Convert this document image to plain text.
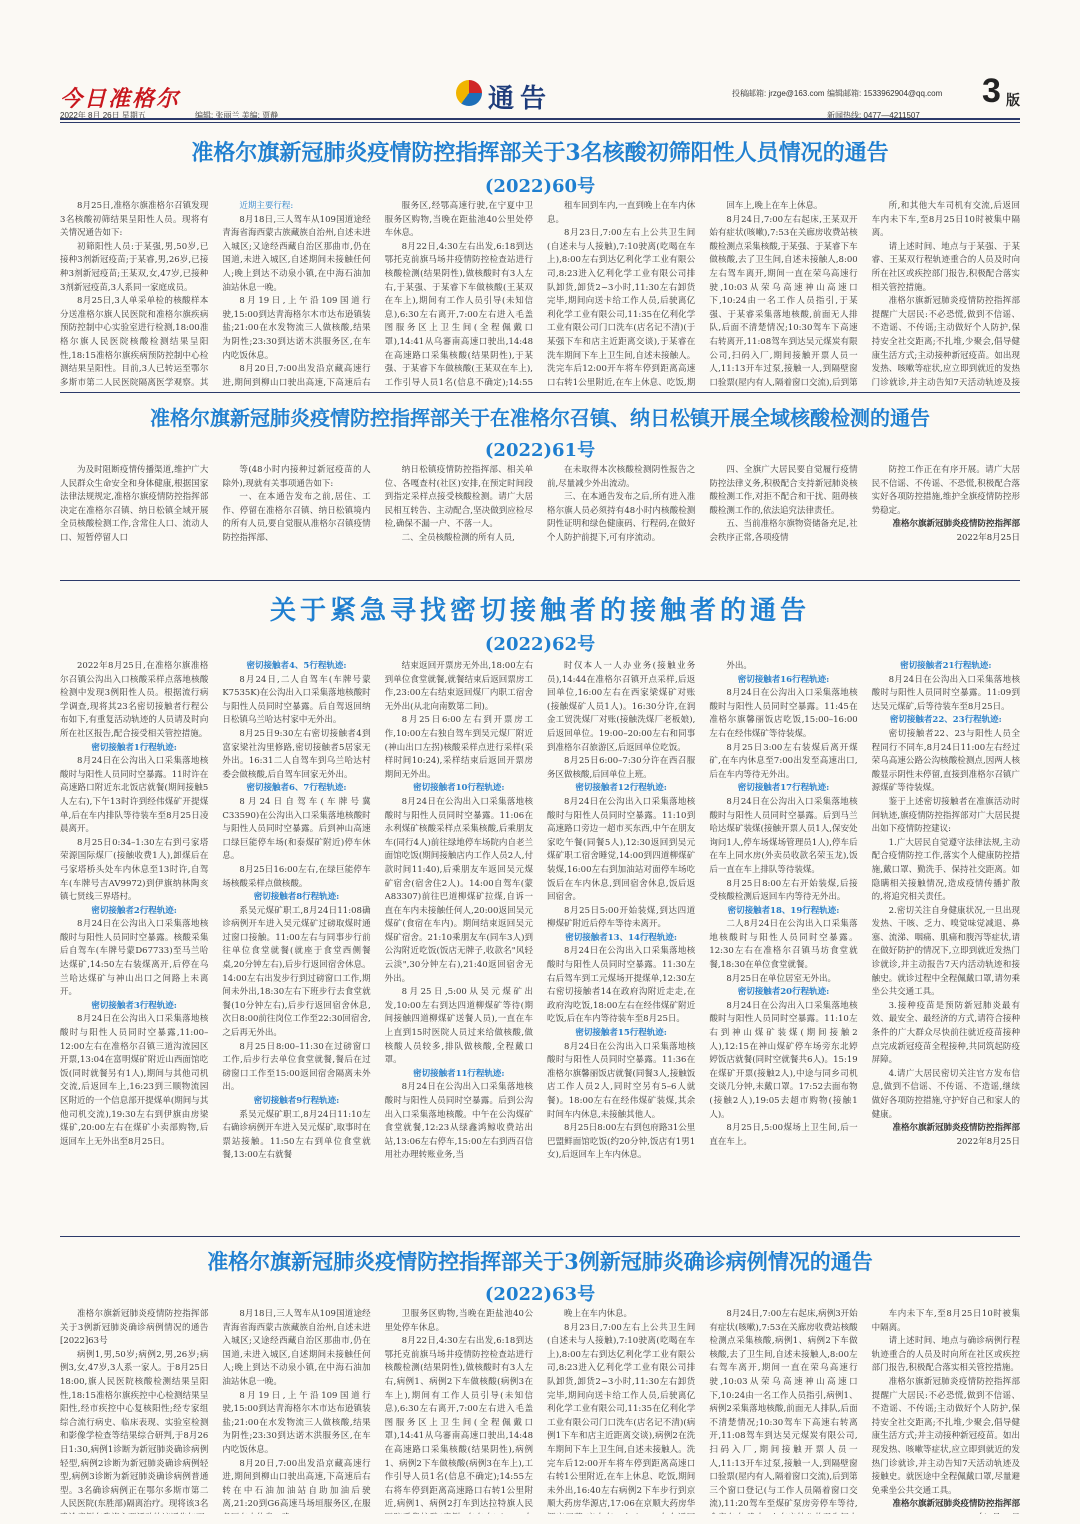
今日准格尔
2022年 8月 26日 星期五	编辑: 张丽兰 美编: 贾静
通告	投稿邮箱: jrzge@163.com 编辑邮箱: 1533962904@qq.com
新闻热线: 0477—4211507
3 版
准格尔旗新冠肺炎疫情防控指挥部关于3名核酸初筛阳性人员情况的通告
(2022)60号

8月25日,准格尔旗准格尔召镇发现3名核酸初筛结果呈阳性人员。现将有关情况通告如下:

初筛阳性人员:于某强,男,50岁,已接种3剂新冠疫苗;于某睿,男,26岁,已接种3剂新冠疫苗;王某双,女,47岁,已接种3剂新冠疫苗,3人系同一家庭成员。

8月25日,3人单采单检的核酸样本分送准格尔旗人民医院和准格尔旗疾病预防控制中心实验室进行检测,18:00准格尔旗人民医院核酸检测结果呈阳性,18:15准格尔旗疾病预防控制中心检测结果呈阳性。目前,3人已转运至鄂尔多斯市第二人民医院隔离医学观察。其

近期主要行程:

8月18日,三人驾车从109国道途经青海省海西蒙古族藏族自治州,自述未进入城区;又途经西藏自治区那曲市,仍在国道,未进入城区,自述期间未接触任何人;晚上到达不动泉小镇,在中海石油加油站休息一晚。

8月19日,上午沿109国道行驶,15:00到达青海格尔木市达布逊镇装盐;21:00在水发物流三人做核酸,结果为阴性;23:30到达诺木洪服务区,在车内吃饭休息。

8月20日,7:00出发沿京藏高速行进,期间到柳山口驶出高速,下高速后右

服务区,经鄂高速行驶,在宁夏中卫服务区购物,当晚在距盐池40公里处停车休息。

8月22日,4:30左右出发,6:18到达鄂托克前旗马场井疫情防控检查站进行核酸检测(结果阴性),做核酸时有3人左右,于某强、于某睿下车做核酸(王某双在车上),期间有工作人员引导(未知信息),6:30左右离开,7:00左右进入毛盖图服务区上卫生间(全程佩戴口罩),14:41从乌審南高速口驶出,14:48在高速路口采集核酸(结果阴性),于某强、于某睿下车做核酸(王某双在车上),工作引导人员1名(信息不确定);14:55

租车回到车内,一直到晚上在车内休息。

8月23日,7:00左右上公共卫生间(自述未与人接触),7:10驶离(吃喝在车上),8:00左右到达亿利化学工业有限公司,8:23进入亿利化学工业有限公司排队卸货,卸货2~3小时,11:30左右卸货完毕,期间向送卡给工作人员,后驶离亿利化学工业有限公司,11:35在亿利化学工业有限公司门口洗车(店名记不清)(于某强下车和店主近距离交谈),于某睿在洗车期间下车上卫生间,自述未接触人。洗完车后12:00开车将车停到距离高速口右转1公里附近,在车上休息、吃饭,期

回车上,晚上在车上休息。

8月24日,7:00左右起床,王某双开始有症状(咳嗽),7:53在关廊房收费站核酸检测点采集核酸,于某强、于某睿下车做核酸,去了卫生间,自述未接触人,8:00左右驾车离开,期间一直在荣乌高速行驶,10:03从荣乌高速神山高速口下,10:24由一名工作人员指引,于某强、于某睿采集落地核酸,前面无人排队,后面不清楚情况;10:30驾车下高速右转离开,11:08驾车到达吴元煤炭有限公司,扫码入厂,期间接触开票人员一人,11:13开车过泵,接触一人,到隔壁窗口验票(屋内有人,隔着窗口交流),后到第

所,和其他大车司机有交流,后返回车内未下车,至8月25日10时被集中隔离。

请上述时间、地点与于某强、于某睿、王某双行程轨迹重合的人员及时向所在社区或疾控部门报告,积极配合落实相关管控措施。

准格尔旗新冠肺炎疫情防控指挥部提醒广大居民:不必恐慌,做到不信谣、不造谣、不传谣;主动做好个人防护,保持安全社交距离;不扎堆,少聚会,倡导健康生活方式;主动接种新冠疫苗。如出现发热、咳嗽等症状,应立即到就近的发热门诊就诊,并主动告知7天活动轨迹及接

准格尔旗新冠肺炎疫情防控指挥部关于在准格尔召镇、纳日松镇开展全域核酸检测的通告
(2022)61号

为及时阻断疫情传播渠道,维护广大人民群众生命安全和身体健康,根据国家法律法规规定,准格尔旗疫情防控指挥部决定在准格尔召镇、纳日松镇全域开展全员核酸检测工作,含常住人口、流动人口、短暂停留人口

等(48小时内接种过新冠疫苗的人除外),现就有关事项通告如下:

一、在本通告发布之前,居住、工作、停留在准格尔召镇、纳日松镇境内的所有人员,要自觉服从准格尔召镇疫情防控指挥部、

纳日松镇疫情防控指挥部、相关单位、各嘎查村(社区)安排,在预定时间段到指定采样点接受核酸检测。请广大居民相互转告、主动配合,坚决做到应检尽检,确保不漏一户、不落一人。

二、全员核酸检测的所有人员,

在未取得本次核酸检测阴性报告之前,尽量减少外出流动。

三、在本通告发布之后,所有进入准格尔旗人员必须持有48小时内核酸检测阴性证明和绿色健康码、行程码,在做好个人防护前提下,可有序流动。

四、全旗广大居民要自觉履行疫情防控法律义务,积极配合支持新冠肺炎核酸检测工作,对拒不配合和干扰、阻碍核酸检测工作的,依法追究法律责任。

五、当前准格尔旗物资储备充足,社会秩序正常,各项疫情

防控工作正在有序开展。请广大居民不信谣、不传谣、不恐慌,积极配合落实好各项防控措施,维护全旗疫情防控形势稳定。

准格尔旗新冠肺炎疫情防控指挥部

2022年8月25日

关于紧急寻找密切接触者的接触者的通告
(2022)62号

2022年8月25日,在准格尔旗准格尔召镇公沟出入口核酸采样点落地核酸检测中发现3例阳性人员。根据流行病学调查,现将其23名密切接触者行程公布如下,有重复活动轨迹的人员请及时向所在社区报告,配合接受相关管控措施。

密切接触者1行程轨迹:

8月24日在公沟出入口采集落地核酸时与阳性人员同时空暴露。11时许在高速路口附近东北饭店就餐(期间接触5人左右),下午13时许到经伟煤矿开提煤单,后在车内排队等待装车至8月25日凌晨离开。

8月25日0:34–1:30左右到弓家塔荣源国际煤厂(接触收费1人),卸煤后在弓家塔桥头处车内休息至13时许,自驾车(车牌号吉AV9972)到伊旗纳林陶亥镇七贤线三界塔村。

密切接触者2行程轨迹:

8月24日在公沟出入口采集落地核酸时与阳性人员同时空暴露。核酸采集后自驾车(车牌号蒙D67733)至马兰哈达煤矿,14:50左右装煤离开,后停在乌兰哈达煤矿与神山出口之间路上未离开。

密切接触者3行程轨迹:

8月24日在公沟出入口采集落地核酸时与阳性人员同时空暴露,11:00–12:00左右在准格尔召镇三道沟流园区开票,13:04在富明煤矿附近山西面馆吃饭(同时就餐另有1人),期间与其他司机交流,后返回车上,16:23到三顺物流园区附近的一个信息部开提煤单(期间与其他司机交流),19:30左右到伊旗由房梁煤矿,20:00左右在煤矿小卖部购物,后返回车上无外出至8月25日。

密切接触者4、5行程轨迹:

8月24日,二人自驾车(车牌号蒙K7535K)在公沟出入口采集落地核酸时与阳性人员同时空暴露。后自驾返回纳日松镇乌兰哈达村家中无外出。

8月25日9:30左右密切接触者4到富家梁社沟里修路,密切接触者5居家无外出。16:31二人自驾车到乌兰哈达村委会做核酸,后自驾车回家无外出。

密切接触者6、7行程轨迹:

8月24日自驾车(车牌号冀C33590)在公沟出入口采集落地核酸时与阳性人员同时空暴露。后到神山高速口绿巨能停车场(和泰煤矿附近)停车休息。

8月25日16:00左右,在绿巨能停车场核酸采样点做核酸。

密切接触者8行程轨迹:

系吴元煤矿职工,8月24日11:08确诊病例开车进入吴元煤矿过磅取煤时通过窗口接触。11:00左右与同事步行前往单位食堂就餐(就座于食堂西侧餐桌,20分钟左右),后步行返回宿舍休息。14:00左右出发步行到过磅窗口工作,期间未外出,18:30左右下班步行去食堂就餐(10分钟左右),后步行返回宿舍休息,次日8:00前往岗位工作至22:30回宿舍,之后再无外出。

8月25日8:00–11:30在过磅窗口工作,后步行去单位食堂就餐,餐后在过磅窗口工作至15:00返回宿舍隔离未外出。

密切接触者9行程轨迹:

系吴元煤矿职工,8月24日11:10左右确诊病例开车进入吴元煤矿,取事时在票站接触。11:50左右到单位食堂就餐,13:00左右就餐

结束返回开票房无外出,18:00左右到单位食堂就餐,就餐结束后返回票房工作,23:00左右结束返回煤厂内职工宿舍无外出(从北向南数第二间)。

8月25日6:00左右到开票房工作,10:00左右独自驾车到吴元煤厂附近(神山出口左拐)核酸采样点进行采样(采样时间10:24),采样结束后返回开票房期间无外出。

密切接触者10行程轨迹:

8月24日在公沟出入口采集落地核酸时与阳性人员同时空暴露。11:06在永利煤矿核酸采样点采集核酸,后乘朋友车(同行4人)前往绿地停车场院内自老兰面馆吃饭(期间接触店内工作人员2人,付款时间11:40),后乘朋友车返回吴元煤矿宿舍(宿舍住2人)。14:00自驾车(蒙A83307)前往巴道柳煤矿拉煤,自诉一直在车内未接触任何人,20:00返回吴元煤矿(食宿在车内)。期间结束返回吴元煤矿宿舍。21:10乘朋友车(同车3人)到公沟附近吃饭(饭店无牌子,收款名"风轻云淡",30分钟左右),21:40返回宿舍无外出。

8月25日,5:00从吴元煤矿出发,10:00左右到达四道柳煤矿等待(期间接触四道柳煤矿送餐人员),一直在车上直到15时医院人员过来给做核酸,做核酸人员较多,排队做核酸,全程戴口罩。

密切接触者11行程轨迹:

8月24日在公沟出入口采集落地核酸时与阳性人员同时空暴露。后到公沟出入口采集落地核酸。中午在公沟煤矿食堂就餐,12:23从绿鑫鸿鲸收费站出站,13:06左右停车,15:00左右到西召信用社办理转账业务,当

时仅本人一人办业务(接触业务员),14:44在准格尔召镇开点采样,后返回单位,16:00左右在西家梁煤矿对账(接触煤矿人员1人)。16:30分许,在润金工贸洗煤厂对账(接触洗煤厂老板娘),后返回单位。19:00–20:00左右和同事到准格尔召旅游区,后返回单位吃饭。

8月25日6:00–7:30分许在西召服务区做核酸,后回单位上班。

密切接触者12行程轨迹:

8月24日在公沟出入口采集落地核酸时与阳性人员同时空暴露。11:10到高速路口旁边一超市买东西,中午在朋友家吃午餐(同餐5人),12:30返回到吴元煤矿职工宿舍睡觉,14:00到四道柳煤矿装煤,16:00左右到加油站对面停车场吃饭后在车内休息,到回宿舍休息,饭后返回宿舍。

8月25日5:00开始装煤,到达四道柳煤矿附近后停车等待未离开。

密切接触者13、14行程轨迹:

8月24日在公沟出入口采集落地核酸时与阳性人员同时空暴露。11:30左右后驾车到工元煤场开提煤单,12:30左右密切接触者14在政府沟附近走走,在政府沟吃饭,18:00左右在经伟煤矿附近吃饭,后在车内等待装车至8月25日。

密切接触者15行程轨迹:

8月24日在公沟出入口采集落地核酸时与阳性人员同时空暴露。11:36在准格尔旗馨丽饭店就餐(同餐3人,接触饭店工作人员2人,同时空另有5–6人就餐)。18:00左右在经伟煤矿装煤,其余时间车内休息,未接触其他人。

8月25日8:00左右到包府路31公里巴盟鲜面馆吃饭(约20分钟,饭店有1男1女),后返回车上车内休息。

外出。

密切接触者16行程轨迹:

8月24日在公沟出入口采集落地核酸时与阳性人员同时空暴露。11:45在准格尔旗馨丽饭店吃饭,15:00–16:00左右在经伟煤矿等待装煤。

8月25日3:00左右装煤后离开煤矿,在车内休息至7:00出发至高速出口,后在车内等待无外出。

密切接触者17行程轨迹:

8月24日在公沟出入口采集落地核酸时与阳性人员同时空暴露。后到马兰哈达煤矿装煤(接触开票人员1人,保安处询问1人,停车场煤场管理员1人),停车后在车上同水房(外卖员收款名荣玉龙),饭后一直在车上排队等待装煤。

8月25日8:00左右开始装煤,后接受核酸检测后返回车内等待无外出。

密切接触者18、19行程轨迹:

二人8月24日在公沟出入口采集落地核酸时与阳性人员同时空暴露。12:30左右在准格尔召镇马坊食堂就餐,18:30在单位食堂就餐。

8月25日在单位居室无外出。

密切接触者20行程轨迹:

8月24日在公沟出入口采集落地核酸时与阳性人员同时空暴露。11:10左右到神山煤矿装煤(期间接触2人),12:15在神山煤矿停车场旁东北婷婷饭店就餐(同时空就餐共6人)。15:19在煤矿开票(接触2人),中途与同乡司机交谈几分钟,未戴口罩。17:52去面布物(接触2人),19:05去超市购物(接触1人)。

8月25日,5:00煤场上卫生间,后一直在车上。

密切接触者21行程轨迹:

8月24日在公沟出入口采集落地核酸时与阳性人员同时空暴露。11:09到达吴元煤矿,后等待装车至8月25日。

密切接触者22、23行程轨迹:

密切接触者22、23与阳性人员全程同行不同车,8月24日11:00左右经过荣乌高速公路公沟核酸检测点,因两人核酸显示阴性未停留,直接到准格尔召镇广源煤矿等待装煤。

鉴于上述密切接触者在准旗活动时间轨迹,旗疫情防控指挥部对广大居民提出如下疫情防控建议:

1.广大居民自觉遵守法律法规,主动配合疫情防控工作,落实个人健康防控措施,戴口罩、勤洗手、保持社交距离。如隐瞒相关接触情况,造成疫情传播扩散的,将追究相关责任。

2.密切关注自身健康状况,一旦出现发热、干咳、乏力、嗅觉味觉减退、鼻塞、流涕、咽痛、肌痛和腹泻等症状,请在做好防护的情况下,立即到就近发热门诊就诊,并主动报告7天内活动轨迹和接触史。就诊过程中全程佩戴口罩,请勿乘坐公共交通工具。

3.接种疫苗是预防新冠肺炎最有效、最安全、最经济的方式,请符合接种条件的广大群众尽快前往就近疫苗接种点完成新冠疫苗全程接种,共同筑起防疫屏障。

4.请广大居民密切关注官方发布信息,做到不信谣、不传谣、不造谣,继续做好各项防控措施,守护好自己和家人的健康。

准格尔旗新冠肺炎疫情防控指挥部

2022年8月25日

准格尔旗新冠肺炎疫情防控指挥部关于3例新冠肺炎确诊病例情况的通告
(2022)63号

准格尔旗新冠肺炎疫情防控指挥部关于3例新冠肺炎确诊病例情况的通告[2022]63号

病例1,男,50岁;病例2,男,26岁;病例3,女,47岁,3人系一家人。于8月25日18:00,旗人民医院核酸检测结果呈阳性,18:15准格尔旗疾控中心检测结果呈阳性,经市疾控中心复核阳性;经专家组综合流行病史、临床表现、实验室检测和影像学检查等结果综合研判,于8月26日1:30,病例1诊断为新冠肺炎确诊病例轻型,病例2诊断为新冠肺炎确诊病例轻型,病例3诊断为新冠肺炎确诊病例普通型。3名确诊病例正在鄂尔多斯市第二人民医院(东胜部)隔离治疗。现将该3名

8月18日,三人驾车从109国道途经青海省海西蒙古族藏族自治州,自述未进入城区;又途经西藏自治区那曲市,仍在国道,未进入城区,自述期间未接触任何人;晚上到达不动泉小镇,在中海石油加油站休息一晚。

8月19日,上午沿109国道行驶,15:00到达青海格尔木市达布逊镇装盐;21:00在水发物流三人做核酸,结果为阴性;23:30到达诺木洪服务区,在车内吃饭休息。

8月20日,7:00出发沿京藏高速行进,期间到柳山口驶出高速,下高速后右转在中石油加油站自助加油后驶离,21:20到G6高速马场垣服务区,在服

卫服务区购物,当晚在距盐池40公里处停车休息。

8月22日,4:30左右出发,6:18到达鄂托克前旗马场井疫情防控检查站进行核酸检测(结果阴性),做核酸时有3人左右,病例1、病例2下车做核酸(病例3在车上),期间有工作人员引导(未知信息),6:30左右离开,7:00左右进入毛盖图服务区上卫生间(全程佩戴口罩),14:41从乌審南高速口驶出,14:48在高速路口采集核酸(结果阴性),病例1、病例2下车做核酸(病例3在车上),工作引导人员1名(信息不确定);14:55左右将车停到距离高速路口右转1公里附近,病例1、病例2打车到达拉特旗人民

晚上在车内休息。

8月23日,7:00左右上公共卫生间(自述未与人接触),7:10驶离(吃喝在车上),8:00左右到达亿利化学工业有限公司,8:23进入亿利化学工业有限公司排队卸货,卸货2~3小时,11:30左右卸货完毕,期间向送卡给工作人员,后驶离亿利化学工业有限公司,11:35在亿利化学工业有限公司门口洗车(店名记不清)(病例1下车和店主近距离交谈),病例2在洗车期间下车上卫生间,自述未接触人。洗完车后12:00开车将车停到距离高速口右转1公里附近,在车上休息、吃饭,期间未外出,16:40左右病例2下车步行到京顺大药房华源店,17:06在京顺大药房华

8月24日,7:00左右起床,病例3开始有症状(咳嗽),7:53在关廊房收费站核酸检测点采集核酸,病例1、病例2下车做核酸,去了卫生间,自述未接触人,8:00左右驾车离开,期间一直在荣乌高速行驶,10:03从荣乌高速神山高速口下,10:24由一名工作人员指引,病例1、病例2采集落地核酸,前面无人排队,后面不清楚情况;10:30驾车下高速右转离开,11:08驾车到达吴元煤炭有限公司,扫码入厂,期间接触开票人员一人,11:13开车过泵,接触一人,到隔壁窗口验票(屋内有人,隔着窗口交流),后到第三个窗口登记(与工作人员隔着窗口交流),11:20驾车至煤矿泵房旁停车等待,

车内未下车,至8月25日10时被集中隔离。

请上述时间、地点与确诊病例行程轨迹重合的人员及时向所在社区或疾控部门报告,积极配合落实相关管控措施。

准格尔旗新冠肺炎疫情防控指挥部提醒广大居民:不必恐慌,做到不信谣、不造谣、不传谣;主动做好个人防护,保持安全社交距离;不扎堆,少聚会,倡导健康生活方式;并主动接种新冠疫苗。如出现发热、咳嗽等症状,应立即到就近的发热门诊就诊,并主动告知7天活动轨迹及接触史。就医途中全程佩戴口罩,尽量避免乘坐公共交通工具。

准格尔旗新冠肺炎疫情防控指挥部
